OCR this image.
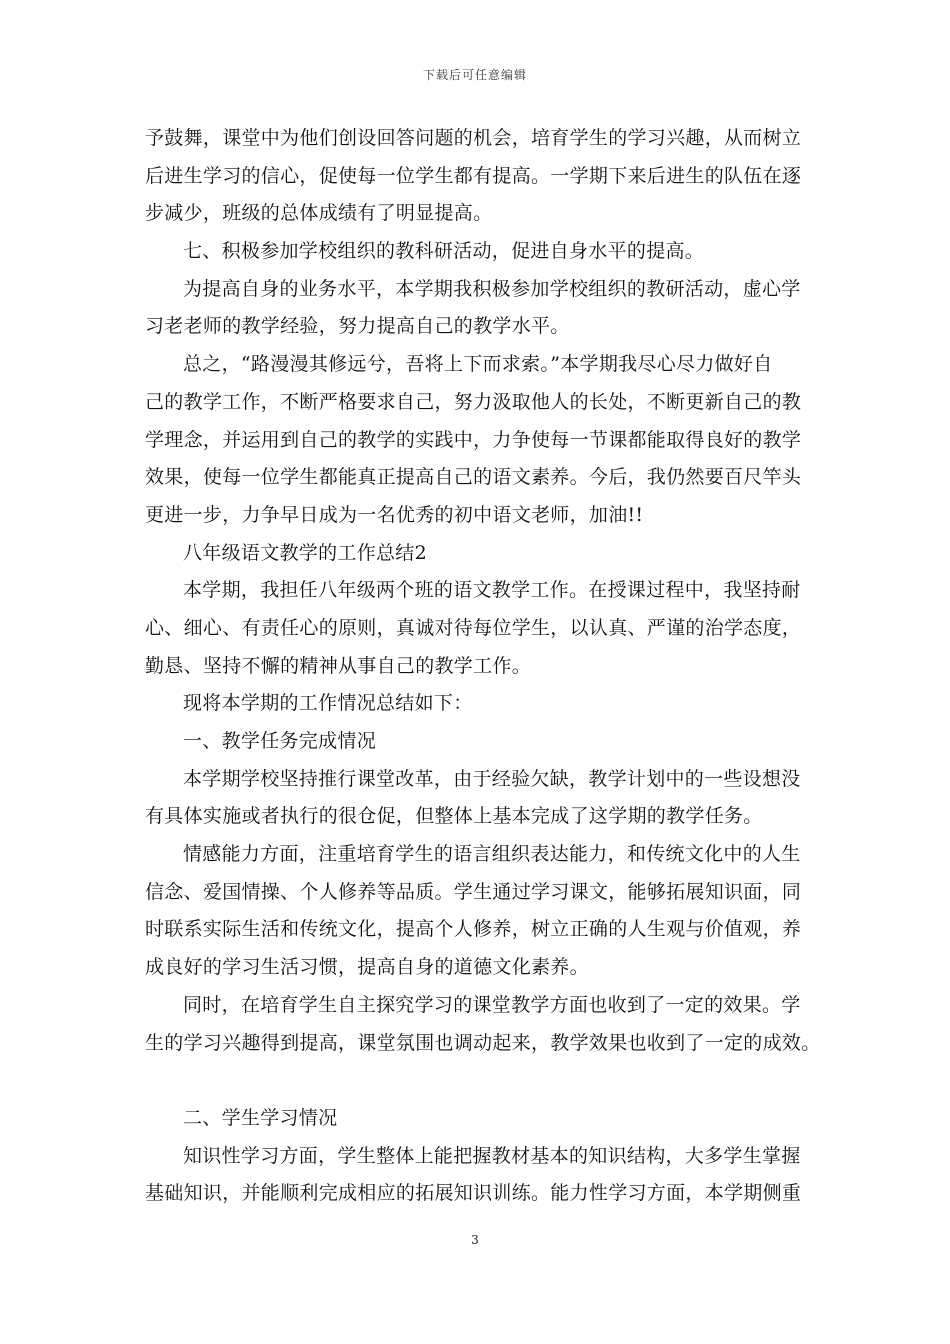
下载后可任意编辑
予鼓舞，课堂中为他们创设回答问题的机会，培育学生的学习兴趣，从而树立
后进生学习的信心，促使每一位学生都有提高。一学期下来后进生的队伍在逐
步减少，班级的总体成绩有了明显提高。
七、积极参加学校组织的教科研活动，促进自身水平的提高。
为提高自身的业务水平，本学期我积极参加学校组织的教研活动，虚心学
习老老师的教学经验，努力提高自己的教学水平。
总之，“路漫漫其修远兮，吾将上下而求索。”本学期我尽心尽力做好自
己的教学工作，不断严格要求自己，努力汲取他人的长处，不断更新自己的教
学理念，并运用到自己的教学的实践中，力争使每一节课都能取得良好的教学
效果，使每一位学生都能真正提高自己的语文素养。今后，我仍然要百尺竿头
更进一步，力争早日成为一名优秀的初中语文老师，加油!!
八年级语文教学的工作总结2
本学期，我担任八年级两个班的语文教学工作。在授课过程中，我坚持耐
心、细心、有责任心的原则，真诚对待每位学生，以认真、严谨的治学态度，
勤恳、坚持不懈的精神从事自己的教学工作。
现将本学期的工作情况总结如下：
一、教学任务完成情况
本学期学校坚持推行课堂改革，由于经验欠缺，教学计划中的一些设想没
有具体实施或者执行的很仓促，但整体上基本完成了这学期的教学任务。
情感能力方面，注重培育学生的语言组织表达能力，和传统文化中的人生
信念、爱国情操、个人修养等品质。学生通过学习课文，能够拓展知识面，同
时联系实际生活和传统文化，提高个人修养，树立正确的人生观与价值观，养
成良好的学习生活习惯，提高自身的道德文化素养。
同时，在培育学生自主探究学习的课堂教学方面也收到了一定的效果。学
生的学习兴趣得到提高，课堂氛围也调动起来，教学效果也收到了一定的成效。
二、学生学习情况
知识性学习方面，学生整体上能把握教材基本的知识结构，大多学生掌握
基础知识，并能顺利完成相应的拓展知识训练。能力性学习方面，本学期侧重
3
